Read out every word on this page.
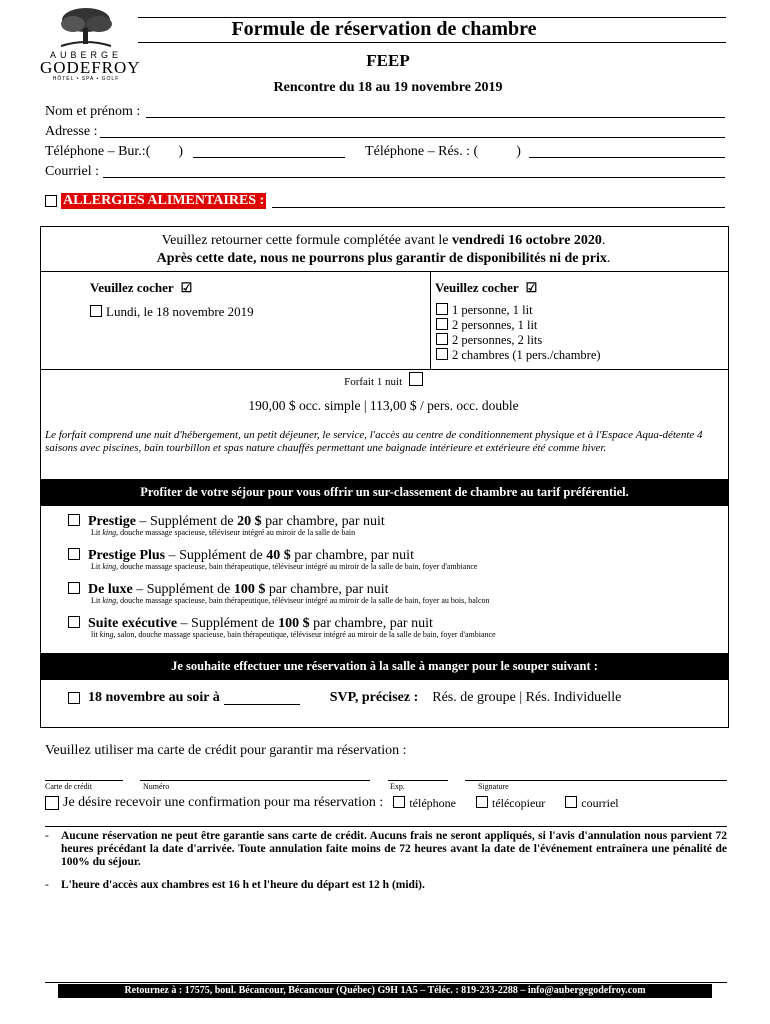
AUBERGE
GODEFROY
HÔTEL • SPA • GOLF
Formule de réservation de chambre
FEEP
Rencontre du 18 au 19 novembre 2019
Nom et prénom :
Adresse :
Téléphone – Bur.:( )	Téléphone – Rés. : (	)
Courriel :
ALLERGIES ALIMENTAIRES :
Veuillez retourner cette formule complétée avant le vendredi 16 octobre 2020.
Après cette date, nous ne pourrons plus garantir de disponibilités ni de prix.
Veuillez cocher ☑
Lundi, le 18 novembre 2019
Veuillez cocher ☑
1 personne, 1 lit
2 personnes, 1 lit
2 personnes, 2 lits
2 chambres (1 pers./chambre)
Forfait 1 nuit
190,00 $ occ. simple | 113,00 $ / pers. occ. double
Le forfait comprend une nuit d'hébergement, un petit déjeuner, le service, l'accès au centre de conditionnement physique et à l'Espace Aqua-détente 4 saisons avec piscines, bain tourbillon et spas nature chauffés permettant une baignade intérieure et extérieure été comme hiver.
Profiter de votre séjour pour vous offrir un sur-classement de chambre au tarif préférentiel.
Prestige – Supplément de 20 $ par chambre, par nuit
Lit king, douche massage spacieuse, téléviseur intégré au miroir de la salle de bain
Prestige Plus – Supplément de 40 $ par chambre, par nuit
Lit king, douche massage spacieuse, bain thérapeutique, téléviseur intégré au miroir de la salle de bain, foyer d'ambiance
De luxe – Supplément de 100 $ par chambre, par nuit
Lit king, douche massage spacieuse, bain thérapeutique, téléviseur intégré au miroir de la salle de bain, foyer au bois, balcon
Suite exécutive – Supplément de 100 $ par chambre, par nuit
lit king, salon, douche massage spacieuse, bain thérapeutique, téléviseur intégré au miroir de la salle de bain, foyer d'ambiance
Je souhaite effectuer une réservation à la salle à manger pour le souper suivant :
18 novembre au soir à	SVP, précisez : Rés. de groupe | Rés. Individuelle
Veuillez utiliser ma carte de crédit pour garantir ma réservation :
Carte de crédit	Numéro	Exp.	Signature
Je désire recevoir une confirmation pour ma réservation :	téléphone	télécopieur	courriel
-	Aucune réservation ne peut être garantie sans carte de crédit. Aucuns frais ne seront appliqués, si l'avis d'annulation nous parvient 72 heures précédant la date d'arrivée. Toute annulation faite moins de 72 heures avant la date de l'événement entraînera une pénalité de 100% du séjour.
-	L'heure d'accès aux chambres est 16 h et l'heure du départ est 12 h (midi).
Retournez à : 17575, boul. Bécancour, Bécancour (Québec) G9H 1A5 – Téléc. : 819-233-2288 – info@aubergegodefroy.com
